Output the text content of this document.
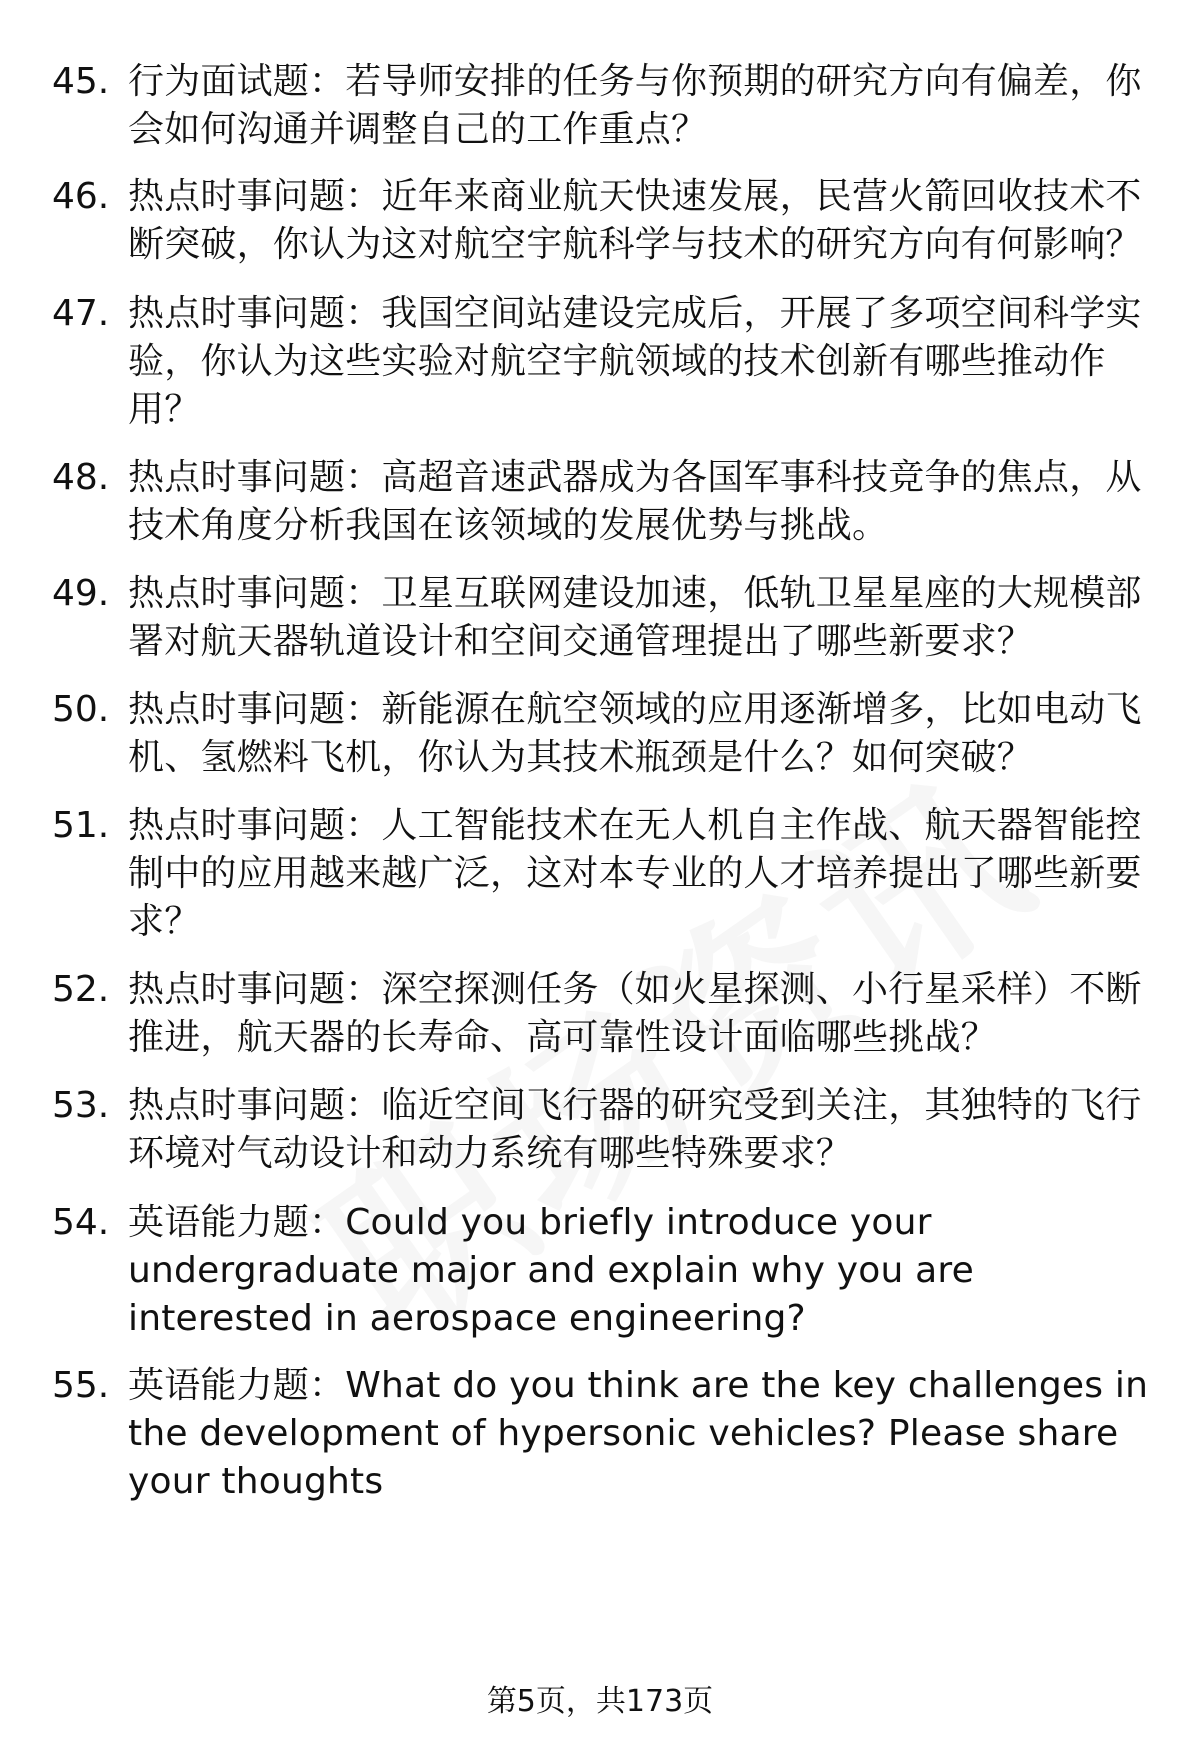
45. 行为面试题：若导师安排的任务与你预期的研究方向有偏差，你会如何沟通并调整自己的工作重点？
46. 热点时事问题：近年来商业航天快速发展，民营火箭回收技术不断突破，你认为这对航空宇航科学与技术的研究方向有何影响？
47. 热点时事问题：我国空间站建设完成后，开展了多项空间科学实验，你认为这些实验对航空宇航领域的技术创新有哪些推动作用？
48. 热点时事问题：高超音速武器成为各国军事科技竞争的焦点，从技术角度分析我国在该领域的发展优势与挑战。
49. 热点时事问题：卫星互联网建设加速，低轨卫星星座的大规模部署对航天器轨道设计和空间交通管理提出了哪些新要求？
50. 热点时事问题：新能源在航空领域的应用逐渐增多，比如电动飞机、氢燃料飞机，你认为其技术瓶颈是什么？如何突破？
51. 热点时事问题：人工智能技术在无人机自主作战、航天器智能控制中的应用越来越广泛，这对本专业的人才培养提出了哪些新要求？
52. 热点时事问题：深空探测任务（如火星探测、小行星采样）不断推进，航天器的长寿命、高可靠性设计面临哪些挑战？
53. 热点时事问题：临近空间飞行器的研究受到关注，其独特的飞行环境对气动设计和动力系统有哪些特殊要求？
54. 英语能力题：Could you briefly introduce your undergraduate major and explain why you are interested in aerospace engineering?
55. 英语能力题：What do you think are the key challenges in the development of hypersonic vehicles? Please share your thoughts
第5页，共173页
